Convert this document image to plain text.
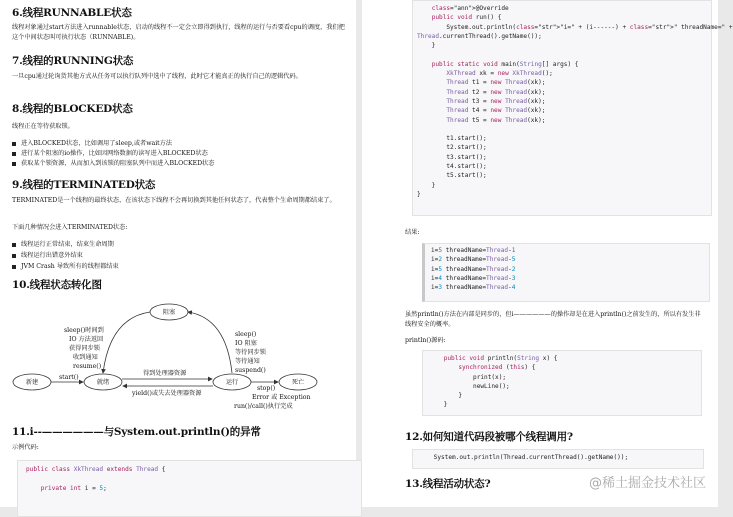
6.线程RUNNABLE状态
线程对象通过start方法进入runnable状态，启动的线程不一定会立即得到执行，线程的运行与否要看cpu的调度，我们把这个中间状态叫可执行状态（RUNNABLE)。
7.线程的RUNNING状态
一旦cpu通过轮询货其他方式从任务可以执行队列中选中了线程，此时它才能真正的执行自己的逻辑代码。
8.线程的BLOCKED状态
线程正在等待获取锁。
进入BLOCKED状态，比如调用了sleep,或者wait方法
进行某个阻塞的io操作，比如因网络数据的读写进入BLOCKED状态
获取某个锁资源，从而加入到该锁的阻塞队列中而进入BLOCKED状态
9.线程的TERMINATED状态
TERMINATED是一个线程的最终状态，在该状态下线程不会再切换到其他任何状态了，代表整个生命周期都结束了。
下面几种情况会进入TERMINATED状态:
线程运行正常结束，结束生命周期
线程运行出错意外结束
JVM Crash 导致所有的线程都结束
10.线程状态转化图
新建	就绪	运行
阻塞
死亡
sleep()时间到
IO 方法返回
获得同步锁
收到通知
resume()
sleep()
IO 阻塞
等待同步锁
等待通知
suspend()
start()
得到处理器资源
yield()或失去处理器资源
stop()
Error 或 Exception
run()/call()执行完成
11.i--——————与System.out.println()的异常
示例代码:
public class XkThread extends Thread {

private int i = 5;
class="ann">@Override
public void run() {
System.out.println(class="str">"i=" + (i------) + class="str">" threadName=" +
Thread.currentThread().getName());
}

public static void main(String[] args) {
XkThread xk = new XkThread();
Thread t1 = new Thread(xk);
Thread t2 = new Thread(xk);
Thread t3 = new Thread(xk);
Thread t4 = new Thread(xk);
Thread t5 = new Thread(xk);

t1.start();
t2.start();
t3.start();
t4.start();
t5.start();
}
}
结果:
i=5 threadName=Thread-1
i=2 threadName=Thread-5
i=5 threadName=Thread-2
i=4 threadName=Thread-3
i=3 threadName=Thread-4
虽然println()方法在内部是同步的，但i——————的操作却是在进入println()之前发生的，所以有发生非线程安全的概率。
println()源码:
public void println(String x) {
synchronized (this) {
print(x);
newLine();
}
}
12.如何知道代码段被哪个线程调用?
System.out.println(Thread.currentThread().getName());
13.线程活动状态?	@稀土掘金技术社区
